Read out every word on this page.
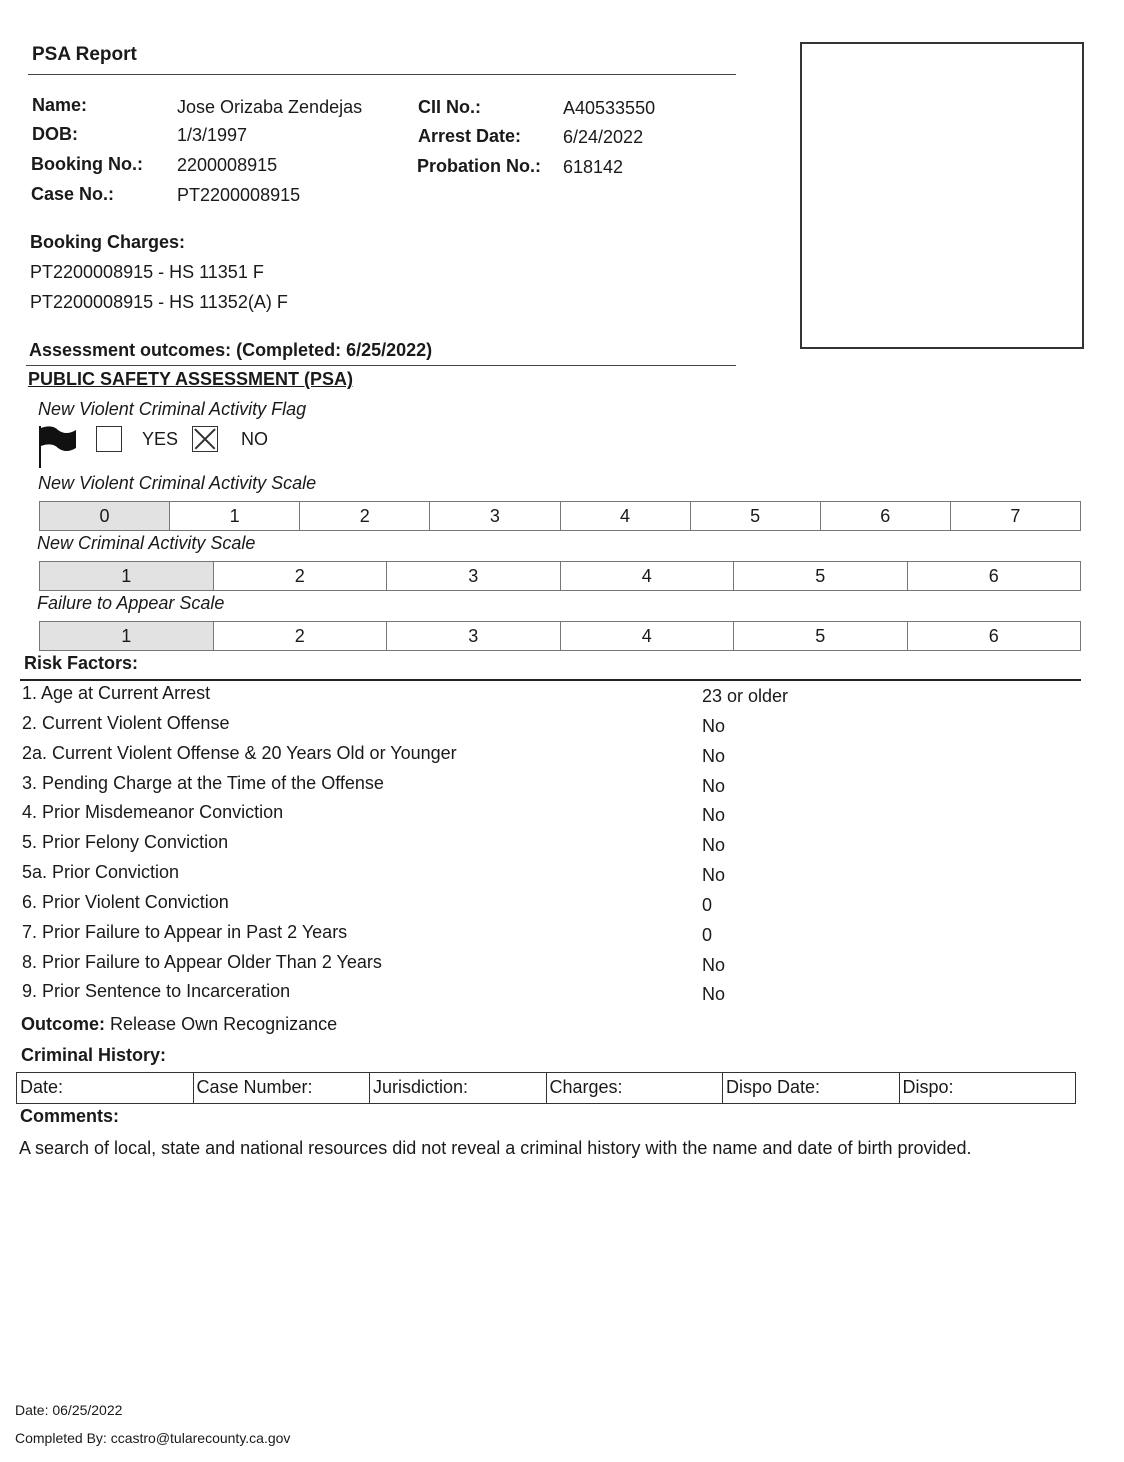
PSA Report
Name:	Jose Orizaba Zendejas
DOB:	1/3/1997
Booking No.: 2200008915
Case No.:	PT2200008915
CII No.:	A40533550
Arrest Date: 6/24/2022
Probation No.: 618142
Booking Charges:
PT2200008915 - HS 11351 F
PT2200008915 - HS 11352(A) F
Assessment outcomes: (Completed: 6/25/2022)
PUBLIC SAFETY ASSESSMENT (PSA)
New Violent Criminal Activity Flag
YES	NO
New Violent Criminal Activity Scale
0	1	2	3	4	5	6	7
New Criminal Activity Scale
1	2	3	4	5	6
Failure to Appear Scale
1	2	3	4	5	6
Risk Factors:
1. Age at Current Arrest	23 or older
2. Current Violent Offense	No
2a. Current Violent Offense & 20 Years Old or Younger	No
3. Pending Charge at the Time of the Offense	No
4. Prior Misdemeanor Conviction	No
5. Prior Felony Conviction	No
5a. Prior Conviction	No
6. Prior Violent Conviction	0
7. Prior Failure to Appear in Past 2 Years	0
8. Prior Failure to Appear Older Than 2 Years	No
9. Prior Sentence to Incarceration	No
Outcome: Release Own Recognizance
Criminal History:
Date:	Case Number:	Jurisdiction:	Charges:	Dispo Date:	Dispo:
Comments:
A search of local, state and national resources did not reveal a criminal history with the name and date of birth provided.
Date: 06/25/2022
Completed By: ccastro@tularecounty.ca.gov
